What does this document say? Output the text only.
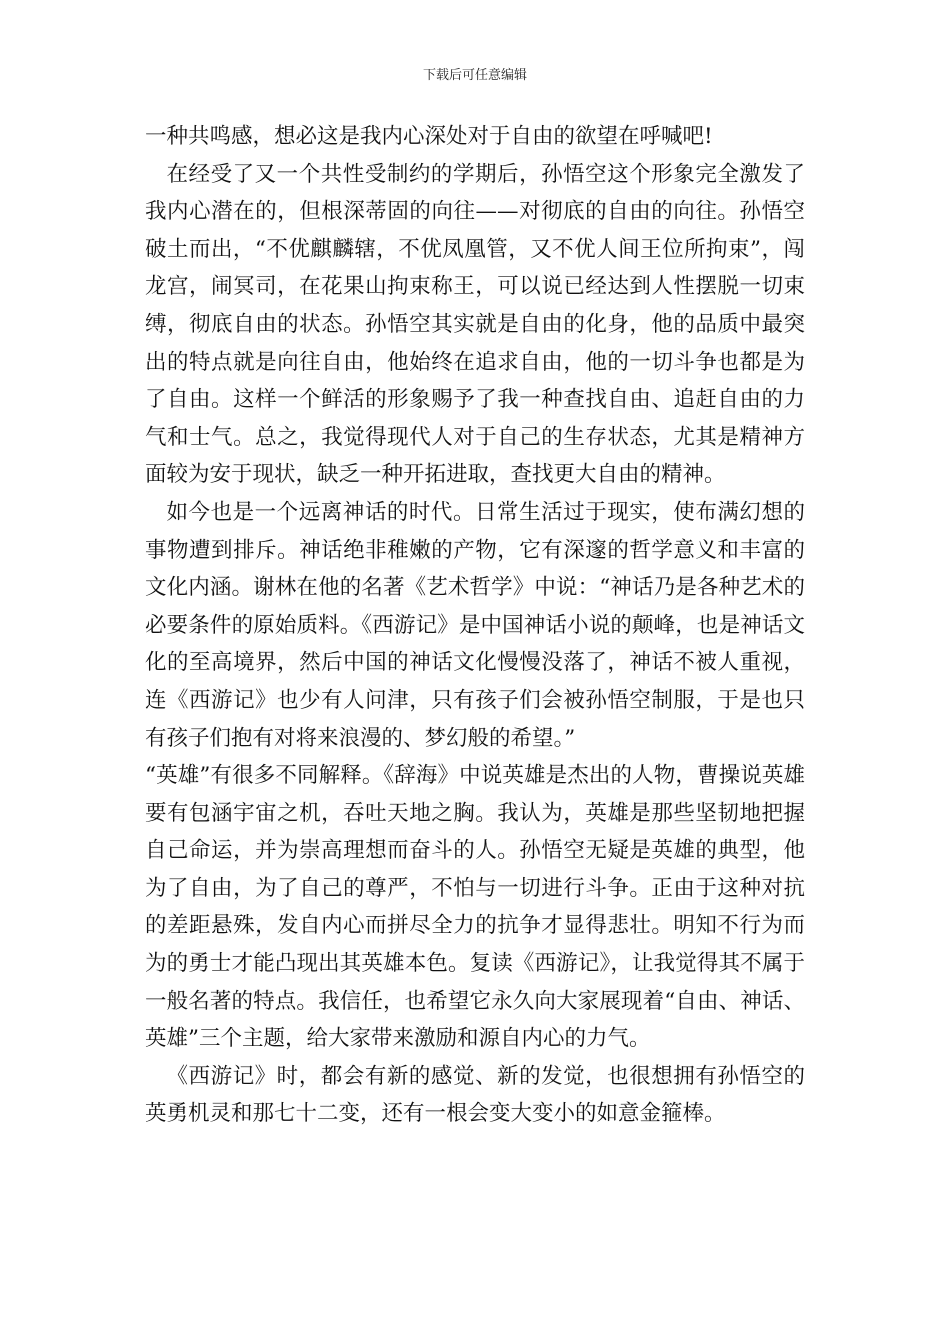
下载后可任意编辑

一种共鸣感，想必这是我内心深处对于自由的欲望在呼喊吧!

在经受了又一个共性受制约的学期后，孙悟空这个形象完全激发了我内心潜在的，但根深蒂固的向往——对彻底的自由的向往。孙悟空破土而出，“不优麒麟辖，不优凤凰管，又不优人间王位所拘束”，闯龙宫，闹冥司，在花果山拘束称王，可以说已经达到人性摆脱一切束缚，彻底自由的状态。孙悟空其实就是自由的化身，他的品质中最突出的特点就是向往自由，他始终在追求自由，他的一切斗争也都是为了自由。这样一个鲜活的形象赐予了我一种查找自由、追赶自由的力气和士气。总之，我觉得现代人对于自己的生存状态，尤其是精神方面较为安于现状，缺乏一种开拓进取，查找更大自由的精神。

如今也是一个远离神话的时代。日常生活过于现实，使布满幻想的事物遭到排斥。神话绝非稚嫩的产物，它有深邃的哲学意义和丰富的文化内涵。谢林在他的名著《艺术哲学》中说：“神话乃是各种艺术的必要条件的原始质料。《西游记》是中国神话小说的颠峰，也是神话文化的至高境界，然后中国的神话文化慢慢没落了，神话不被人重视，连《西游记》也少有人问津，只有孩子们会被孙悟空制服，于是也只有孩子们抱有对将来浪漫的、梦幻般的希望。”

“英雄”有很多不同解释。《辞海》中说英雄是杰出的人物，曹操说英雄要有包涵宇宙之机，吞吐天地之胸。我认为，英雄是那些坚韧地把握自己命运，并为崇高理想而奋斗的人。孙悟空无疑是英雄的典型，他为了自由，为了自己的尊严，不怕与一切进行斗争。正由于这种对抗的差距悬殊，发自内心而拼尽全力的抗争才显得悲壮。明知不行为而为的勇士才能凸现出其英雄本色。复读《西游记》，让我觉得其不属于一般名著的特点。我信任，也希望它永久向大家展现着“自由、神话、英雄”三个主题，给大家带来激励和源自内心的力气。

《西游记》时，都会有新的感觉、新的发觉，也很想拥有孙悟空的英勇机灵和那七十二变，还有一根会变大变小的如意金箍棒。
